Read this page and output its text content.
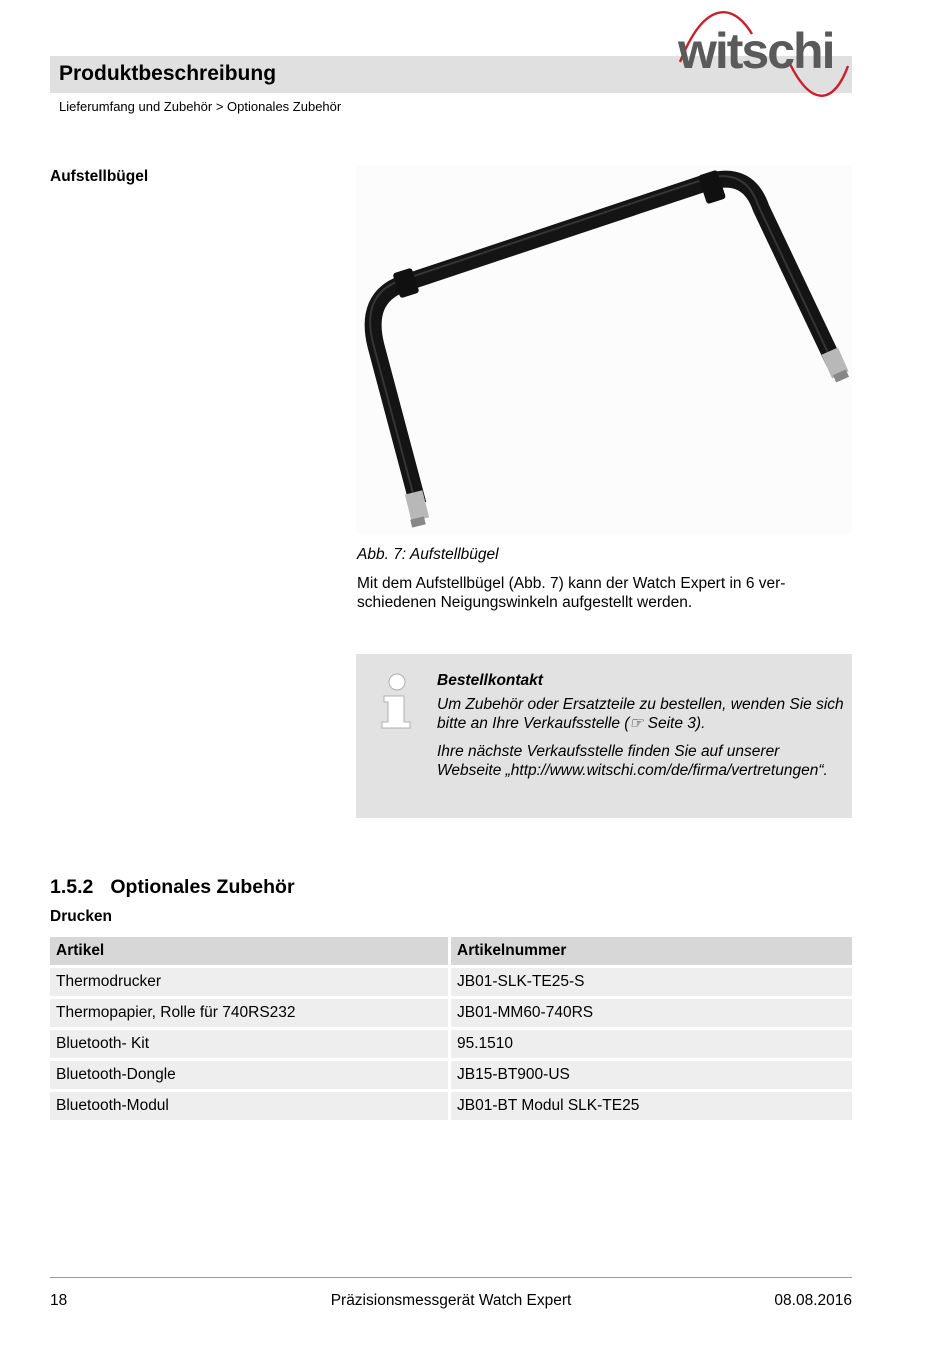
Produktbeschreibung
Lieferumfang und Zubehör > Optionales Zubehör
witschi
Aufstellbügel
Abb. 7: Aufstellbügel
Mit dem Aufstellbügel (Abb. 7) kann der Watch Expert in 6 ver-schiedenen Neigungswinkeln aufgestellt werden.
Bestellkontakt
Um Zubehör oder Ersatzteile zu bestellen, wenden Sie sich bitte an Ihre Verkaufsstelle (☞ Seite 3).
Ihre nächste Verkaufsstelle finden Sie auf unserer Webseite „http://www.witschi.com/de/firma/vertretungen“.
1.5.2 Optionales Zubehör
Drucken
Artikel	Artikelnummer
Thermodrucker	JB01-SLK-TE25-S
Thermopapier, Rolle für 740RS232	JB01-MM60-740RS
Bluetooth- Kit	95.1510
Bluetooth-Dongle	JB15-BT900-US
Bluetooth-Modul	JB01-BT Modul SLK-TE25
18	Präzisionsmessgerät Watch Expert	08.08.2016
